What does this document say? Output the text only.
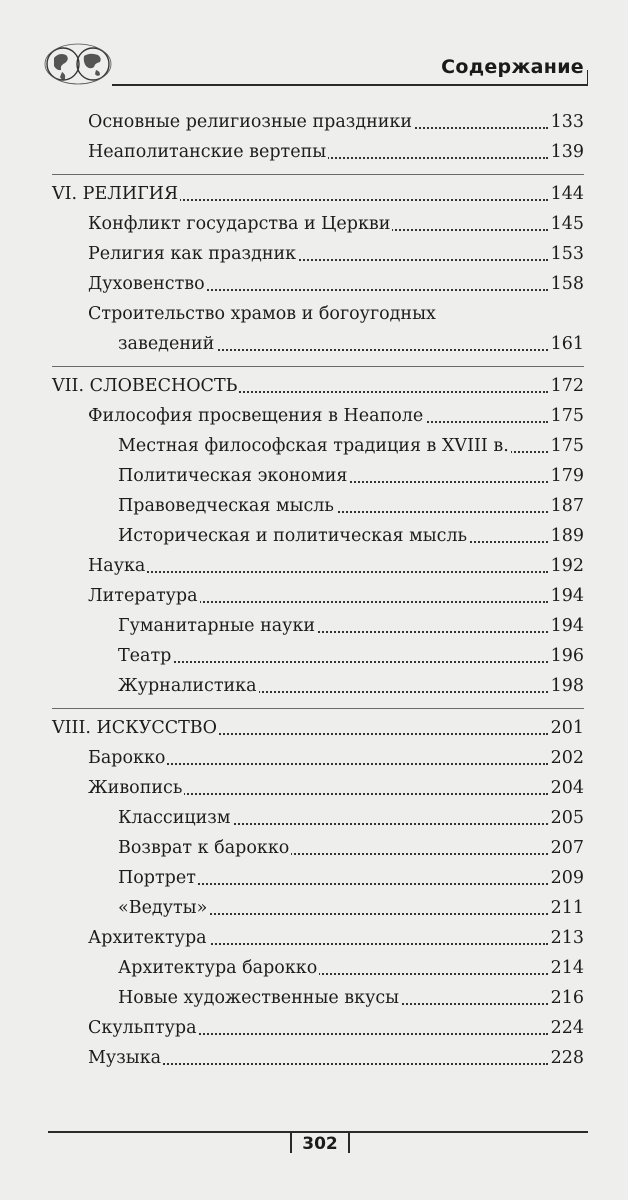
Содержание
Основные религиозные праздники	133
Неаполитанские вертепы	139
VI. РЕЛИГИЯ	144
Конфликт государства и Церкви	145
Религия как праздник	153
Духовенство	158
Строительство храмов и богоугодных
заведений	161
VII. СЛОВЕСНОСТЬ	172
Философия просвещения в Неаполе	175
Местная философская традиция в XVIII в. 175
Политическая экономия	179
Правоведческая мысль	187
Историческая и политическая мысль	189
Наука	192
Литература	194
Гуманитарные науки	194
Театр	196
Журналистика	198
VIII. ИСКУССТВО	201
Барокко	202
Живопись	204
Классицизм	205
Возврат к барокко	207
Портрет	209
«Ведуты»	211
Архитектура	213
Архитектура барокко	214
Новые художественные вкусы	216
Скульптура	224
Музыка	228
302
